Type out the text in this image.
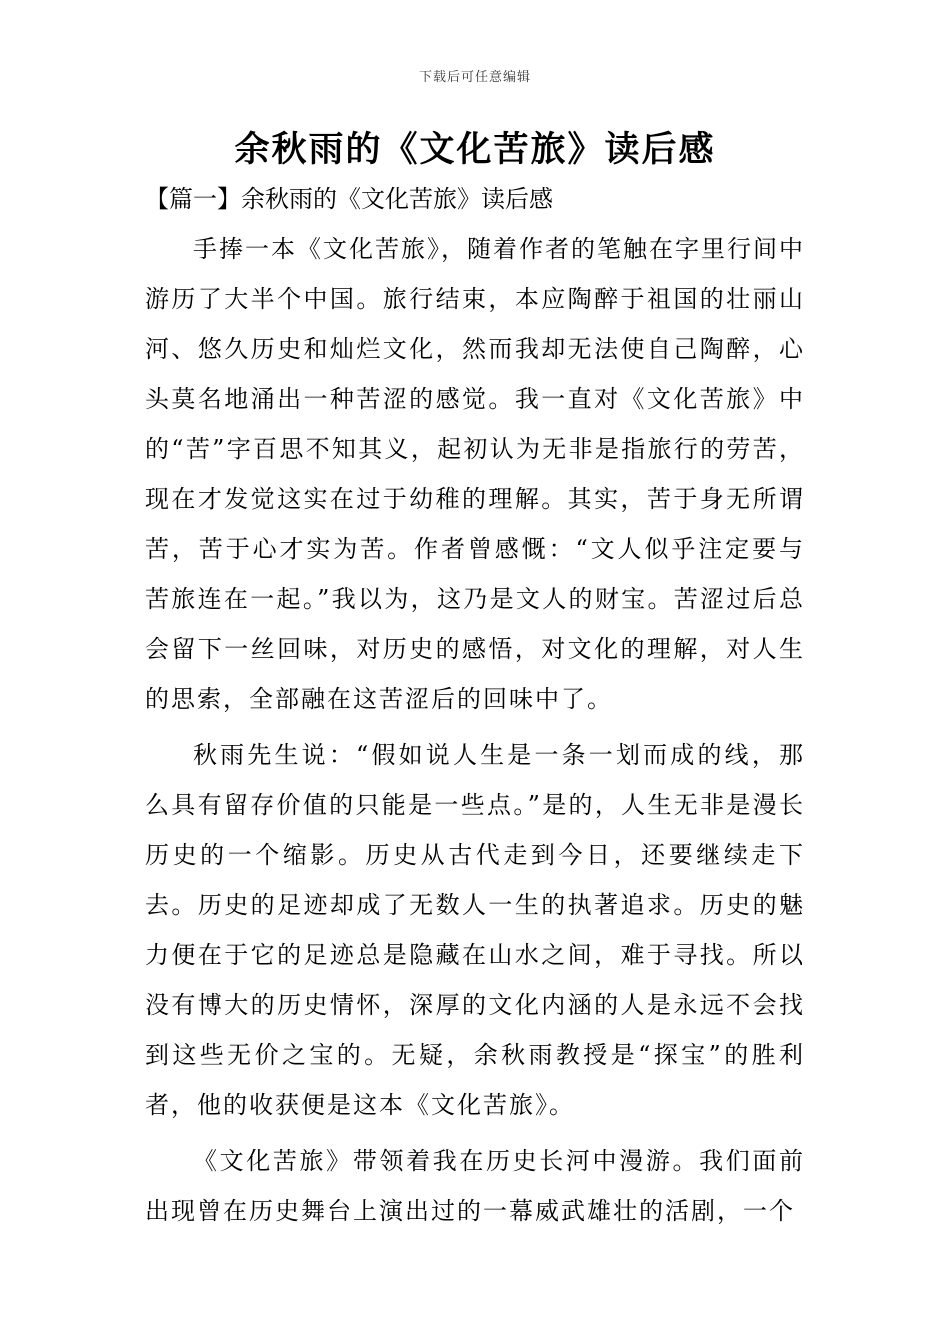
下载后可任意编辑
余秋雨的《文化苦旅》读后感

【篇一】余秋雨的《文化苦旅》读后感

手捧一本《文化苦旅》，随着作者的笔触在字里行间中游历了大半个中国。旅行结束，本应陶醉于祖国的壮丽山河、悠久历史和灿烂文化，然而我却无法使自己陶醉，心头莫名地涌出一种苦涩的感觉。我一直对《文化苦旅》中的“苦”字百思不知其义，起初认为无非是指旅行的劳苦，现在才发觉这实在过于幼稚的理解。其实，苦于身无所谓苦，苦于心才实为苦。作者曾感慨：“文人似乎注定要与苦旅连在一起。”我以为，这乃是文人的财宝。苦涩过后总会留下一丝回味，对历史的感悟，对文化的理解，对人生的思索，全部融在这苦涩后的回味中了。

秋雨先生说：“假如说人生是一条一划而成的线，那么具有留存价值的只能是一些点。”是的，人生无非是漫长历史的一个缩影。历史从古代走到今日，还要继续走下去。历史的足迹却成了无数人一生的执著追求。历史的魅力便在于它的足迹总是隐藏在山水之间，难于寻找。所以没有博大的历史情怀，深厚的文化内涵的人是永远不会找到这些无价之宝的。无疑，余秋雨教授是“探宝”的胜利者，他的收获便是这本《文化苦旅》。

《文化苦旅》带领着我在历史长河中漫游。我们面前出现曾在历史舞台上演出过的一幕威武雄壮的活剧，一个
